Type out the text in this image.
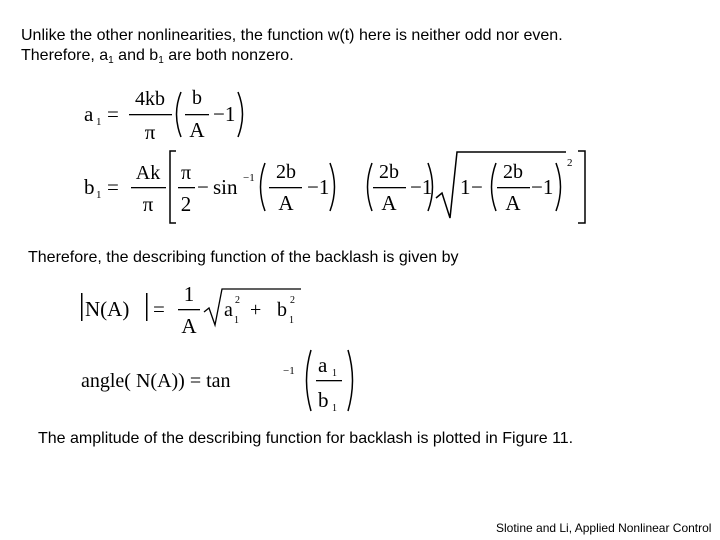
Unlike the other nonlinearities, the function w(t) here is neither odd nor even.
Therefore, $a_1$ and $b_1$ are both nonzero.
a 1 =
4kb
π
b
A
−1
b 1 =
Ak
π
π
2
− sin −1 2b
A
−1
2b
A
−1 1 −
2b
A
−1
2
N(A) =
1
A
a 1
2 + b 1
2
angle( N(A)) = tan	−1 a 1
b 1
Therefore, the describing function of the backlash is given by
The amplitude of the describing function for backlash is plotted in Figure 11.
Slotine and Li, Applied Nonlinear Control
